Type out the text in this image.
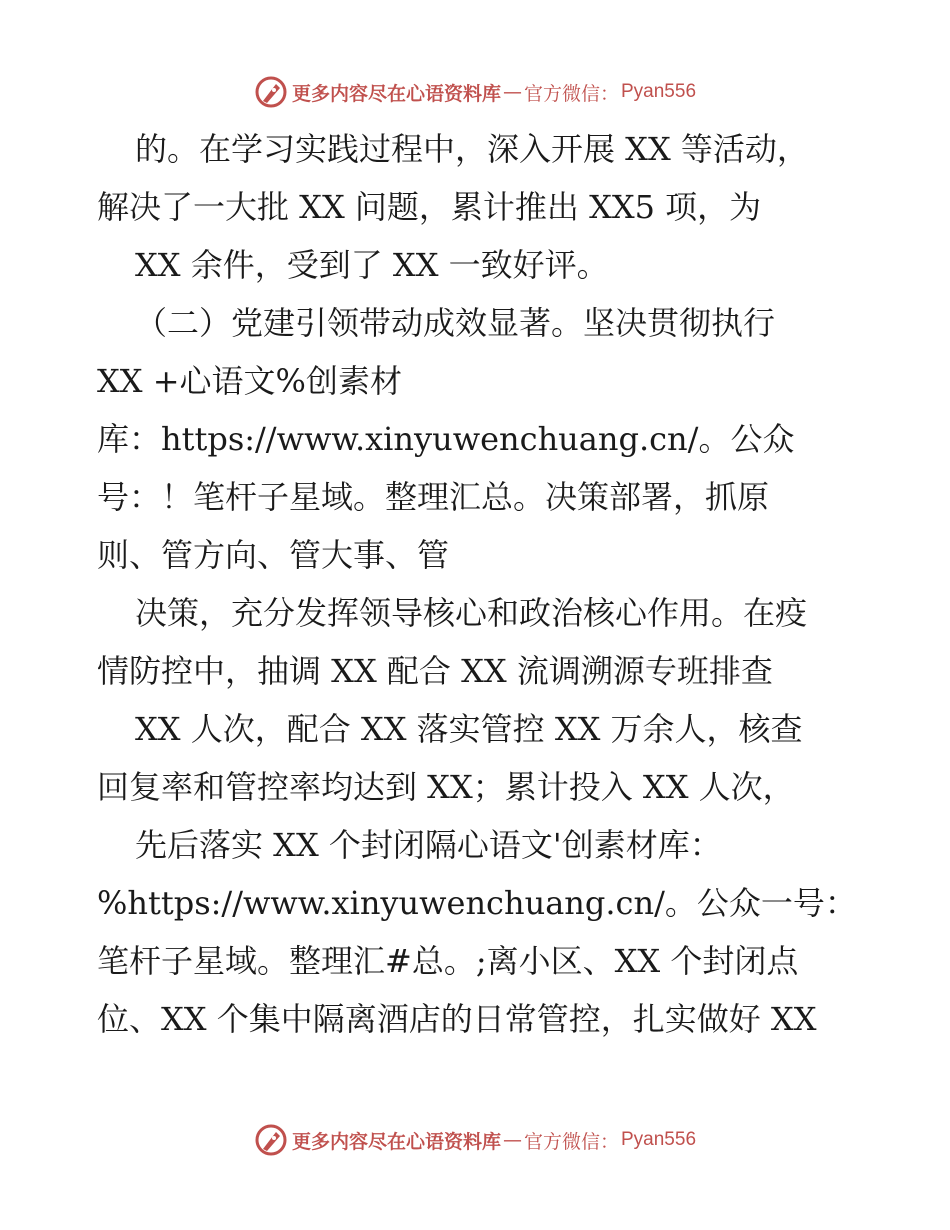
更多内容尽在心语资料库 — 官方微信： Pyan556
的。在学习实践过程中，深入开展 XX 等活动，
解决了一大批 XX 问题，累计推出 XX5 项，为
XX 余件，受到了 XX 一致好评。
（二）党建引领带动成效显著。坚决贯彻执行
XX +心语文%创素材
库：https://www.xinyuwenchuang.cn/。公众
号：！笔杆子星域。整理汇总。决策部署，抓原
则、管方向、管大事、管
决策，充分发挥领导核心和政治核心作用。在疫
情防控中，抽调 XX 配合 XX 流调溯源专班排查
XX 人次，配合 XX 落实管控 XX 万余人，核查
回复率和管控率均达到 XX；累计投入 XX 人次，
先后落实 XX 个封闭隔心语文'创素材库：
%https://www.xinyuwenchuang.cn/。公众一号：
笔杆子星域。整理汇#总。;离小区、XX 个封闭点
位、XX 个集中隔离酒店的日常管控，扎实做好 XX
更多内容尽在心语资料库 — 官方微信： Pyan556
